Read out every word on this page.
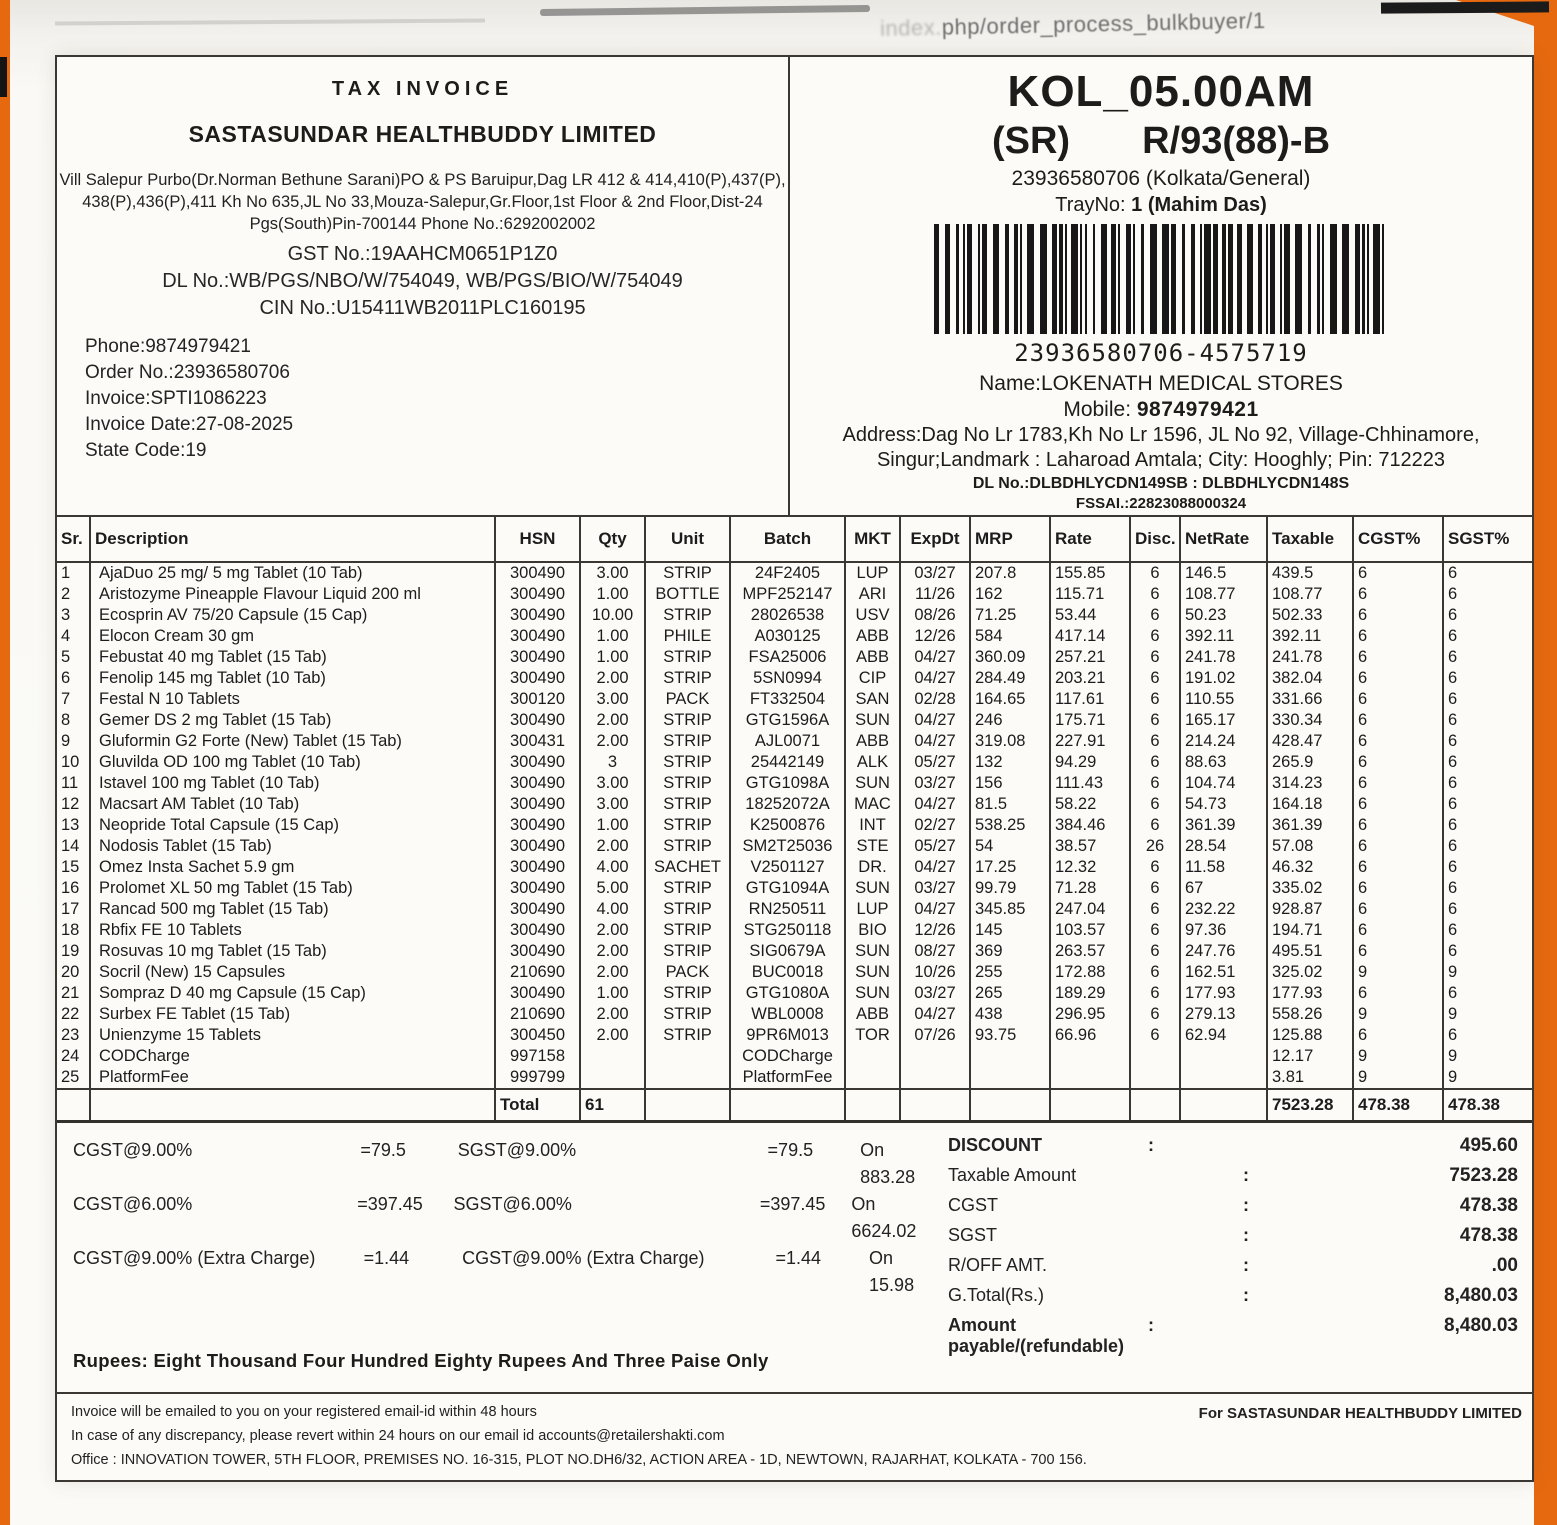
index.php/order_process_bulkbuyer/1
TAX INVOICE
SASTASUNDAR HEALTHBUDDY LIMITED
Vill Salepur Purbo(Dr.Norman Bethune Sarani)PO & PS Baruipur,Dag LR 412 & 414,410(P),437(P),
438(P),436(P),411 Kh No 635,JL No 33,Mouza-Salepur,Gr.Floor,1st Floor & 2nd Floor,Dist-24
Pgs(South)Pin-700144 Phone No.:6292002002
GST No.:19AAHCM0651P1Z0
DL No.:WB/PGS/NBO/W/754049, WB/PGS/BIO/W/754049
CIN No.:U15411WB2011PLC160195
Phone:9874979421
Order No.:23936580706
Invoice:SPTI1086223
Invoice Date:27-08-2025
State Code:19
KOL_05.00AM
(SR) R/93(88)-B
23936580706 (Kolkata/General)
TrayNo: 1 (Mahim Das)
23936580706-4575719
Name:LOKENATH MEDICAL STORES
Mobile: 9874979421
Address:Dag No Lr 1783,Kh No Lr 1596, JL No 92, Village-Chhinamore,
Singur;Landmark : Laharoad Amtala; City: Hooghly; Pin: 712223
DL No.:DLBDHLYCDN149SB : DLBDHLYCDN148S
FSSAI.:22823088000324
Sr.	Description	HSN	Qty	Unit	Batch	MKT	ExpDt	MRP	Rate	Disc.	NetRate	Taxable	CGST%	SGST%
1	AjaDuo 25 mg/ 5 mg Tablet (10 Tab)	300490	3.00	STRIP	24F2405	LUP	03/27	207.8	155.85	6	146.5	439.5	6	6
2	Aristozyme Pineapple Flavour Liquid 200 ml	300490	1.00	BOTTLE	MPF252147	ARI	11/26	162	115.71	6	108.77	108.77	6	6
3	Ecosprin AV 75/20 Capsule (15 Cap)	300490	10.00	STRIP	28026538	USV	08/26	71.25	53.44	6	50.23	502.33	6	6
4	Elocon Cream 30 gm	300490	1.00	PHILE	A030125	ABB	12/26	584	417.14	6	392.11	392.11	6	6
5	Febustat 40 mg Tablet (15 Tab)	300490	1.00	STRIP	FSA25006	ABB	04/27	360.09	257.21	6	241.78	241.78	6	6
6	Fenolip 145 mg Tablet (10 Tab)	300490	2.00	STRIP	5SN0994	CIP	04/27	284.49	203.21	6	191.02	382.04	6	6
7	Festal N 10 Tablets	300120	3.00	PACK	FT332504	SAN	02/28	164.65	117.61	6	110.55	331.66	6	6
8	Gemer DS 2 mg Tablet (15 Tab)	300490	2.00	STRIP	GTG1596A	SUN	04/27	246	175.71	6	165.17	330.34	6	6
9	Gluformin G2 Forte (New) Tablet (15 Tab)	300431	2.00	STRIP	AJL0071	ABB	04/27	319.08	227.91	6	214.24	428.47	6	6
10	Gluvilda OD 100 mg Tablet (10 Tab)	300490	3	STRIP	25442149	ALK	05/27	132	94.29	6	88.63	265.9	6	6
11	Istavel 100 mg Tablet (10 Tab)	300490	3.00	STRIP	GTG1098A	SUN	03/27	156	111.43	6	104.74	314.23	6	6
12	Macsart AM Tablet (10 Tab)	300490	3.00	STRIP	18252072A	MAC	04/27	81.5	58.22	6	54.73	164.18	6	6
13	Neopride Total Capsule (15 Cap)	300490	1.00	STRIP	K2500876	INT	02/27	538.25	384.46	6	361.39	361.39	6	6
14	Nodosis Tablet (15 Tab)	300490	2.00	STRIP	SM2T25036	STE	05/27	54	38.57	26	28.54	57.08	6	6
15	Omez Insta Sachet 5.9 gm	300490	4.00	SACHET	V2501127	DR.	04/27	17.25	12.32	6	11.58	46.32	6	6
16	Prolomet XL 50 mg Tablet (15 Tab)	300490	5.00	STRIP	GTG1094A	SUN	03/27	99.79	71.28	6	67	335.02	6	6
17	Rancad 500 mg Tablet (15 Tab)	300490	4.00	STRIP	RN250511	LUP	04/27	345.85	247.04	6	232.22	928.87	6	6
18	Rbfix FE 10 Tablets	300490	2.00	STRIP	STG250118	BIO	12/26	145	103.57	6	97.36	194.71	6	6
19	Rosuvas 10 mg Tablet (15 Tab)	300490	2.00	STRIP	SIG0679A	SUN	08/27	369	263.57	6	247.76	495.51	6	6
20	Socril (New) 15 Capsules	210690	2.00	PACK	BUC0018	SUN	10/26	255	172.88	6	162.51	325.02	9	9
21	Sompraz D 40 mg Capsule (15 Cap)	300490	1.00	STRIP	GTG1080A	SUN	03/27	265	189.29	6	177.93	177.93	6	6
22	Surbex FE Tablet (15 Tab)	210690	2.00	STRIP	WBL0008	ABB	04/27	438	296.95	6	279.13	558.26	9	9
23	Unienzyme 15 Tablets	300450	2.00	STRIP	9PR6M013	TOR	07/26	93.75	66.96	6	62.94	125.88	6	6
24	CODCharge	997158			CODCharge							12.17	9	9
25	PlatformFee	999799			PlatformFee							3.81	9	9
		Total	61									7523.28	478.38	478.38
Rupees: Eight Thousand Four Hundred Eighty Rupees And Three Paise Only
CGST@9.00%	=79.5	SGST@9.00%	=79.5	On 883.28
CGST@6.00%	=397.45	SGST@6.00%	=397.45	On 6624.02
CGST@9.00% (Extra Charge)	=1.44	CGST@9.00% (Extra Charge)	=1.44	On 15.98
DISCOUNT	:	495.60
Taxable Amount	:	7523.28
CGST	:	478.38
SGST	:	478.38
R/OFF AMT.	:	.00
G.Total(Rs.)	:	8,480.03
Amount payable/(refundable)
:	8,480.03
For SASTASUNDAR HEALTHBUDDY LIMITED
Invoice will be emailed to you on your registered email-id within 48 hours
In case of any discrepancy, please revert within 24 hours on our email id accounts@retailershakti.com
Office : INNOVATION TOWER, 5TH FLOOR, PREMISES NO. 16-315, PLOT NO.DH6/32, ACTION AREA - 1D, NEWTOWN, RAJARHAT, KOLKATA - 700 156.
